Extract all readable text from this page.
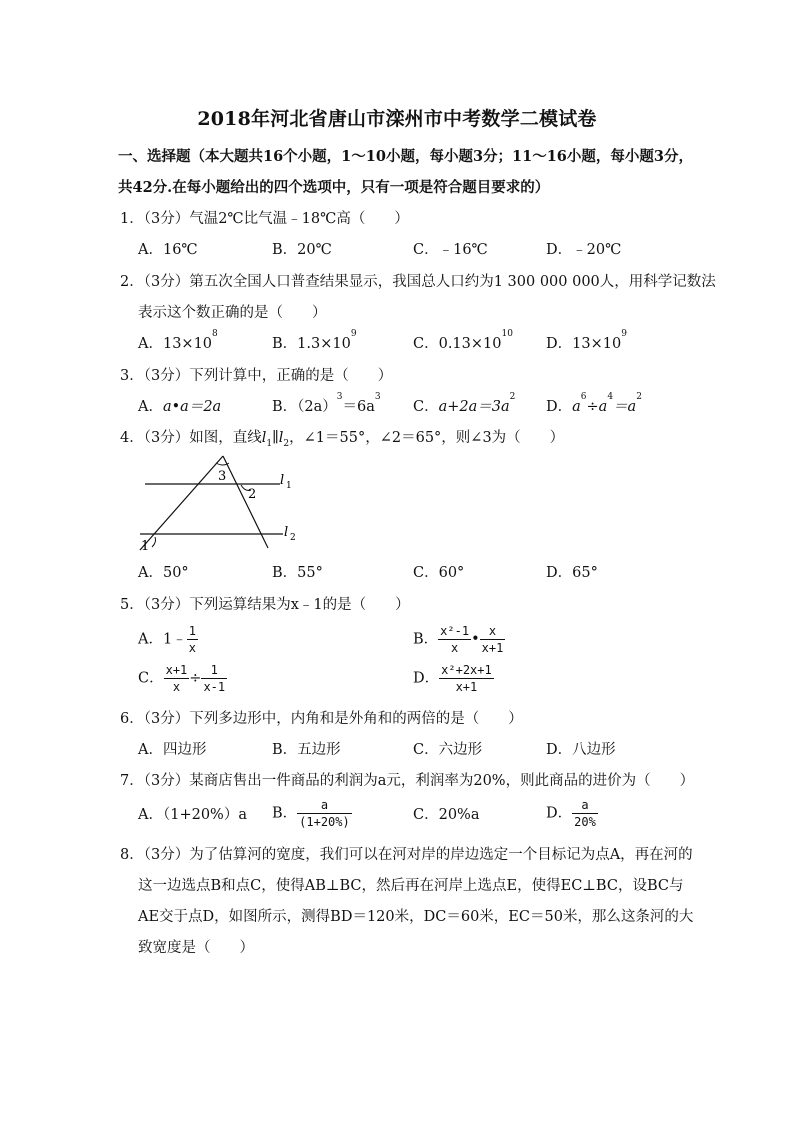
2018年河北省唐山市滦州市中考数学二模试卷
一、选择题（本大题共16个小题，1～10小题，每小题3分；11～16小题，每小题3分，
共42分.在每小题给出的四个选项中，只有一项是符合题目要求的）
1．（3分）气温2℃比气温﹣18℃高（　　）
A．16℃	B．20℃	C．﹣16℃	D．﹣20℃
2．（3分）第五次全国人口普查结果显示，我国总人口约为1 300 000 000人，用科学记数法
表示这个数正确的是（　　）
A．$13\times 10^8$
B．$1.3\times 10^9$
C．$0.13\times 10^{10}$
D．$13\times 10^9$
3．（3分）下列计算中，正确的是（　　）
A．a•a＝2a	B．$(2a)^3=6a^3$
C．$a+2a=3a^2$
D．$a^6\div a^4=a^2$
4．（3分）如图，直线$l_1\parallel l_2$，∠1＝55°，∠2＝65°，则∠3为（　　）
3
2
1
l 1
l 2
A．50°	B．55°	C．60°	D．65°
5．（3分）下列运算结果为x﹣1的是（　　）
A．1﹣ $\frac{1}{x}$	B． $\frac{\text{x²-1}}{x}$ • $\frac{x}{x+1}$
C． $\frac{x+1}{x} \div \frac{1}{x-1}$	D． $\frac{\text{x²+2x+1}}{x+1}$
6．（3分）下列多边形中，内角和是外角和的两倍的是（　　）
A．四边形	B．五边形	C．六边形	D．八边形
7．（3分）某商店售出一件商品的利润为a元，利润率为20%，则此商品的进价为（　　）
A．（1+20%）a B． $\frac{a}{(1+20\%)}$	C．20%a	D． $\frac{a}{20\%}$
8．（3分）为了估算河的宽度，我们可以在河对岸的岸边选定一个目标记为点A，再在河的
这一边选点B和点C，使得AB⊥BC，然后再在河岸上选点E，使得EC⊥BC，设BC与
AE交于点D，如图所示，测得BD＝120米，DC＝60米，EC＝50米，那么这条河的大
致宽度是（　　）
